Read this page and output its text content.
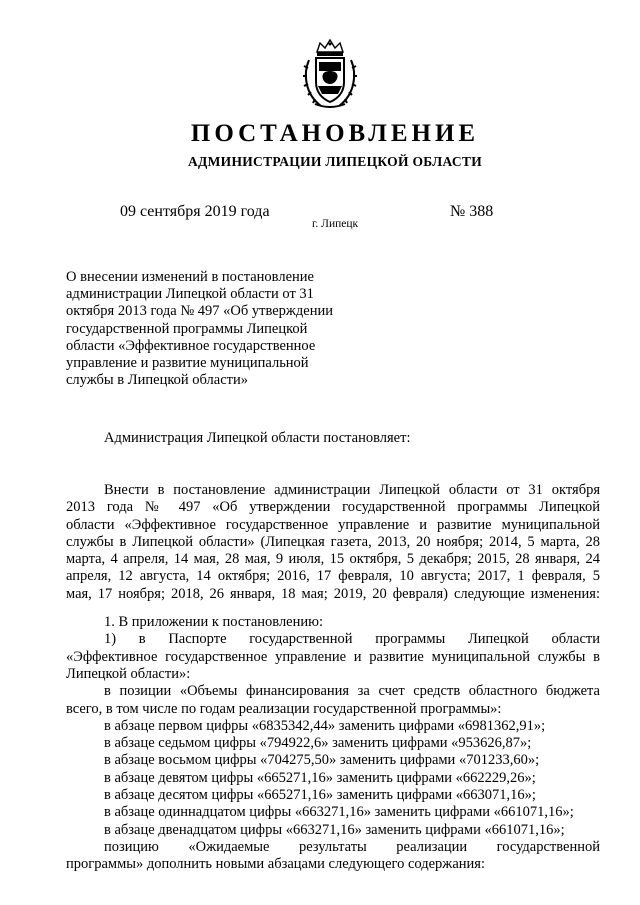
ПОСТАНОВЛЕНИЕ
АДМИНИСТРАЦИИ ЛИПЕЦКОЙ ОБЛАСТИ
09 сентября 2019 года
г. Липецк
№ 388
О внесении изменений в постановление
администрации Липецкой области от 31
октября 2013 года № 497 «Об утверждении
государственной программы Липецкой
области «Эффективное государственное
управление и развитие муниципальной
службы в Липецкой области»
Администрация Липецкой области постановляет:
Внести в постановление администрации Липецкой области от 31 октября
2013 года № 497 «Об утверждении государственной программы Липецкой
области «Эффективное государственное управление и развитие муниципальной
службы в Липецкой области» (Липецкая газета, 2013, 20 ноября; 2014, 5 марта, 28
марта, 4 апреля, 14 мая, 28 мая, 9 июля, 15 октября, 5 декабря; 2015, 28 января, 24
апреля, 12 августа, 14 октября; 2016, 17 февраля, 10 августа; 2017, 1 февраля, 5
мая, 17 ноября; 2018, 26 января, 18 мая; 2019, 20 февраля) следующие изменения:
1. В приложении к постановлению:
1) в Паспорте государственной программы Липецкой области
«Эффективное государственное управление и развитие муниципальной службы в
Липецкой области»:
в позиции «Объемы финансирования за счет средств областного бюджета
всего, в том числе по годам реализации государственной программы»:
в абзаце первом цифры «6835342,44» заменить цифрами «6981362,91»;
в абзаце седьмом цифры «794922,6» заменить цифрами «953626,87»;
в абзаце восьмом цифры «704275,50» заменить цифрами «701233,60»;
в абзаце девятом цифры «665271,16» заменить цифрами «662229,26»;
в абзаце десятом цифры «665271,16» заменить цифрами «663071,16»;
в абзаце одиннадцатом цифры «663271,16» заменить цифрами «661071,16»;
в абзаце двенадцатом цифры «663271,16» заменить цифрами «661071,16»;
позицию «Ожидаемые результаты реализации государственной
программы» дополнить новыми абзацами следующего содержания:
